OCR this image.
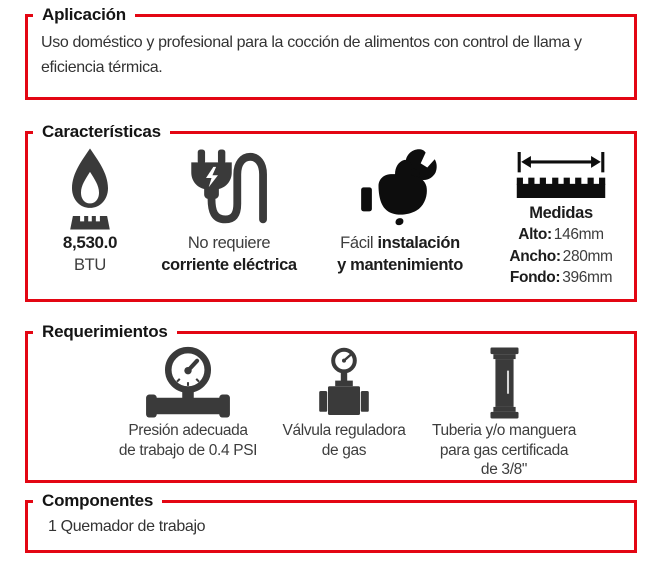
Aplicación

Uso doméstico y profesional para la cocción de alimentos con control de llama y eficiencia térmica.

Características
8,530.0
BTU
No requiere
corriente eléctrica
Fácil instalación
y mantenimiento
Medidas
Alto: 146mm
Ancho: 280mm
Fondo: 396mm
Requerimientos
Presión adecuada
de trabajo de 0.4 PSI
Válvula reguladora
de gas
Tuberia y/o manguera
para gas certificada
de 3/8"
Componentes

1 Quemador de trabajo
